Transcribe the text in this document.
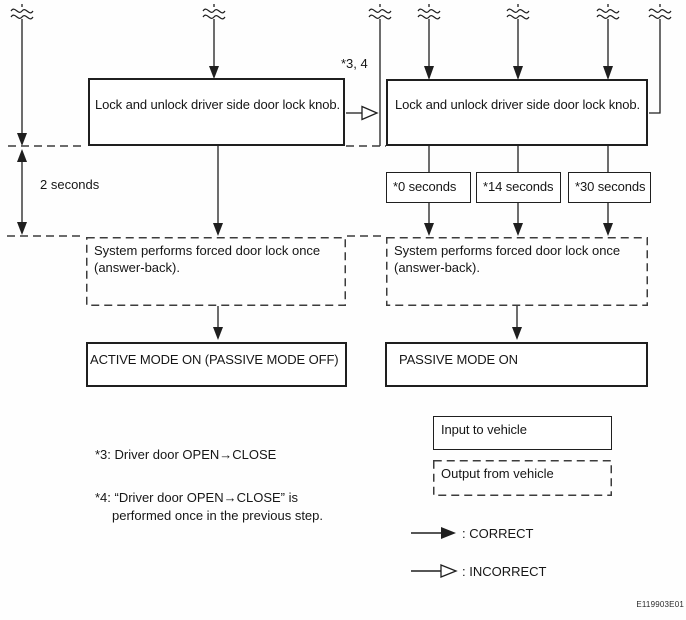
*3, 4
Lock and unlock driver side door lock knob.	Lock and unlock driver side door lock knob.
2 seconds	*0 seconds	*14 seconds	*30 seconds
System performs forced door lock once
(answer-back).
System performs forced door lock once
(answer-back).
ACTIVE MODE ON (PASSIVE MODE OFF)	PASSIVE MODE ON
*3: Driver door OPEN→CLOSE
*4: “Driver door OPEN→CLOSE” is
performed once in the previous step.
Input to vehicle
Output from vehicle
: CORRECT
: INCORRECT
E119903E01
